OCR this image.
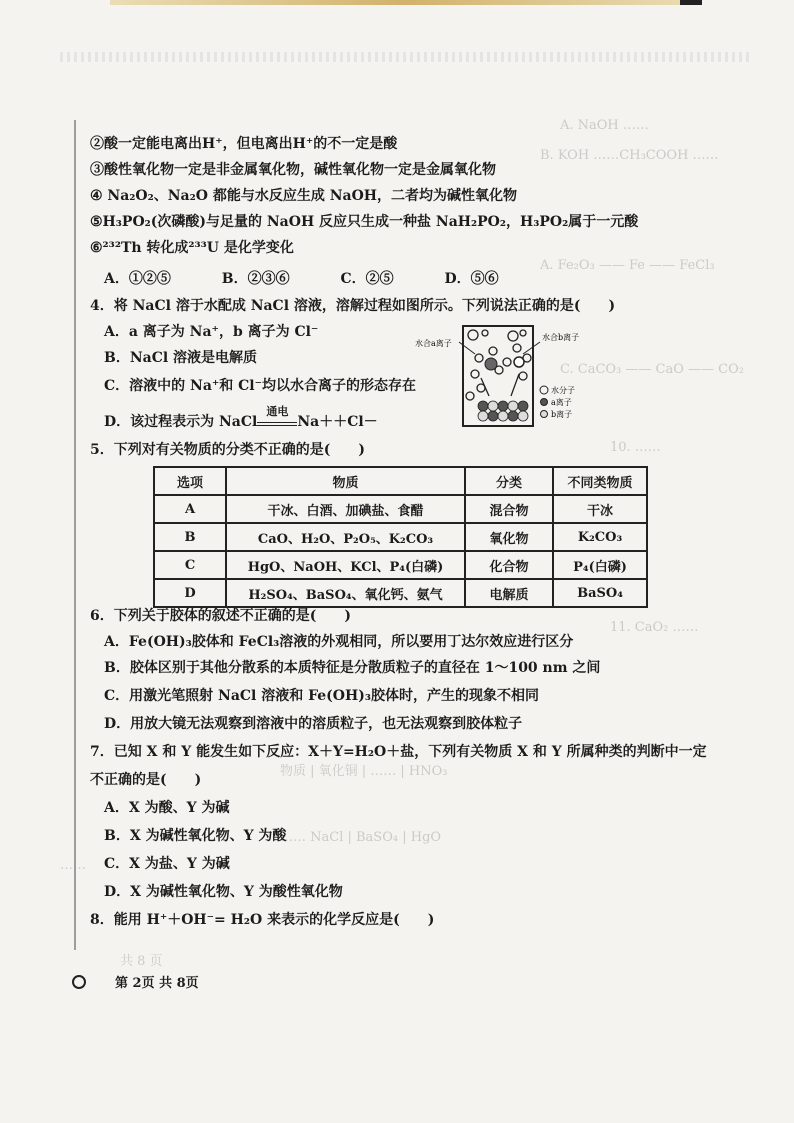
A. NaOH ……
B. KOH ……CH₃COOH ……
A. Fe₂O₃ —— Fe —— FeCl₃
C. CaCO₃ —— CaO —— CO₂
10. ……
11. CaO₂ ……
物质 | 氧化铜 | …… | HNO₃
…… NaCl | BaSO₄ | HgO
……
共 8 页
②酸一定能电离出H⁺，但电离出H⁺的不一定是酸
③酸性氧化物一定是非金属氧化物，碱性氧化物一定是金属氧化物
④ Na₂O₂、Na₂O 都能与水反应生成 NaOH，二者均为碱性氧化物
⑤H₃PO₂(次磷酸)与足量的 NaOH 反应只生成一种盐 NaH₂PO₂，H₃PO₂属于一元酸
⑥²³²Th 转化成²³³U 是化学变化
A．①②⑤	B．②③⑥	C．②⑤	D．⑤⑥
4．将 NaCl 溶于水配成 NaCl 溶液，溶解过程如图所示。下列说法正确的是(　　)
A．a 离子为 Na⁺，b 离子为 Cl⁻
B．NaCl 溶液是电解质
C．溶液中的 Na⁺和 Cl⁻均以水合离子的形态存在
D．该过程表示为 NaCl
通电
Na＋＋Cl－
水合a离子
水合b离子
水分子
a离子
b离子
5．下列对有关物质的分类不正确的是(　　)
选项	物质	分类	不同类物质
A	干冰、白酒、加碘盐、食醋	混合物	干冰
B	CaO、H₂O、P₂O₅、K₂CO₃	氧化物	K₂CO₃
C	HgO、NaOH、KCl、P₄(白磷)	化合物	P₄(白磷)
D	H₂SO₄、BaSO₄、氧化钙、氨气	电解质	BaSO₄
6．下列关于胶体的叙述不正确的是(　　)
A．Fe(OH)₃胶体和 FeCl₃溶液的外观相同，所以要用丁达尔效应进行区分
B．胶体区别于其他分散系的本质特征是分散质粒子的直径在 1～100 nm 之间
C．用激光笔照射 NaCl 溶液和 Fe(OH)₃胶体时，产生的现象不相同
D．用放大镜无法观察到溶液中的溶质粒子，也无法观察到胶体粒子
7．已知 X 和 Y 能发生如下反应：X＋Y=H₂O＋盐，下列有关物质 X 和 Y 所属种类的判断中一定
不正确的是(　　)
A．X 为酸、Y 为碱
B．X 为碱性氧化物、Y 为酸
C．X 为盐、Y 为碱
D．X 为碱性氧化物、Y 为酸性氧化物
8．能用 H⁺＋OH⁻= H₂O 来表示的化学反应是(　　)
第 2页 共 8页
